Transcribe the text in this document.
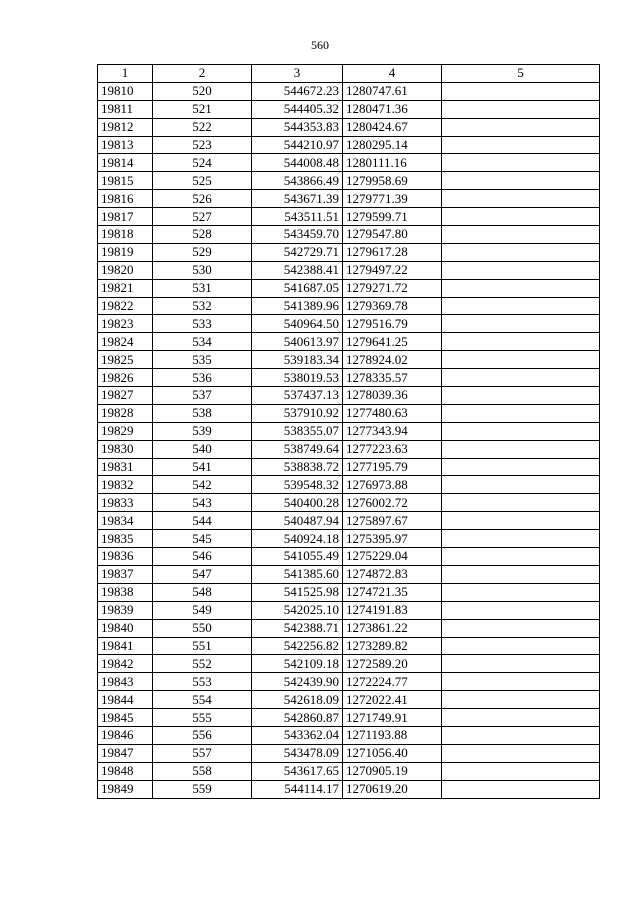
560
1	2	3	4	5
19810	520	544672.23	1280747.61	
19811	521	544405.32	1280471.36	
19812	522	544353.83	1280424.67	
19813	523	544210.97	1280295.14	
19814	524	544008.48	1280111.16	
19815	525	543866.49	1279958.69	
19816	526	543671.39	1279771.39	
19817	527	543511.51	1279599.71	
19818	528	543459.70	1279547.80	
19819	529	542729.71	1279617.28	
19820	530	542388.41	1279497.22	
19821	531	541687.05	1279271.72	
19822	532	541389.96	1279369.78	
19823	533	540964.50	1279516.79	
19824	534	540613.97	1279641.25	
19825	535	539183.34	1278924.02	
19826	536	538019.53	1278335.57	
19827	537	537437.13	1278039.36	
19828	538	537910.92	1277480.63	
19829	539	538355.07	1277343.94	
19830	540	538749.64	1277223.63	
19831	541	538838.72	1277195.79	
19832	542	539548.32	1276973.88	
19833	543	540400.28	1276002.72	
19834	544	540487.94	1275897.67	
19835	545	540924.18	1275395.97	
19836	546	541055.49	1275229.04	
19837	547	541385.60	1274872.83	
19838	548	541525.98	1274721.35	
19839	549	542025.10	1274191.83	
19840	550	542388.71	1273861.22	
19841	551	542256.82	1273289.82	
19842	552	542109.18	1272589.20	
19843	553	542439.90	1272224.77	
19844	554	542618.09	1272022.41	
19845	555	542860.87	1271749.91	
19846	556	543362.04	1271193.88	
19847	557	543478.09	1271056.40	
19848	558	543617.65	1270905.19	
19849	559	544114.17	1270619.20	
